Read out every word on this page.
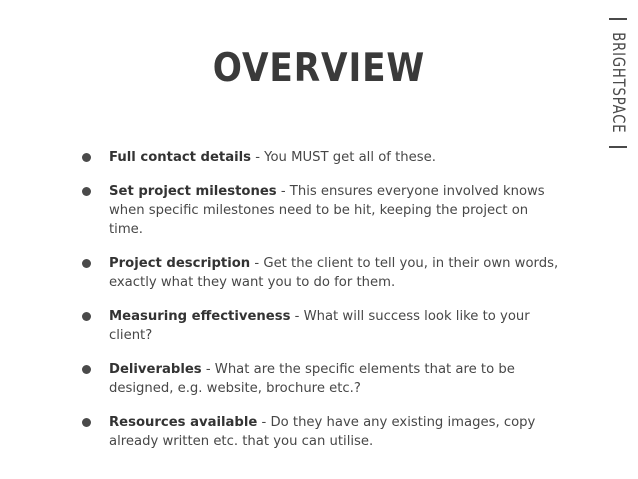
OVERVIEW	BRIGHTSPACE
Full contact details - You MUST get all of these.
Set project milestones - This ensures everyone involved knows when specific milestones need to be hit, keeping the project on time.
Project description - Get the client to tell you, in their own words, exactly what they want you to do for them.
Measuring effectiveness - What will success look like to your client?
Deliverables - What are the specific elements that are to be designed, e.g. website, brochure etc.?
Resources available - Do they have any existing images, copy already written etc. that you can utilise.
